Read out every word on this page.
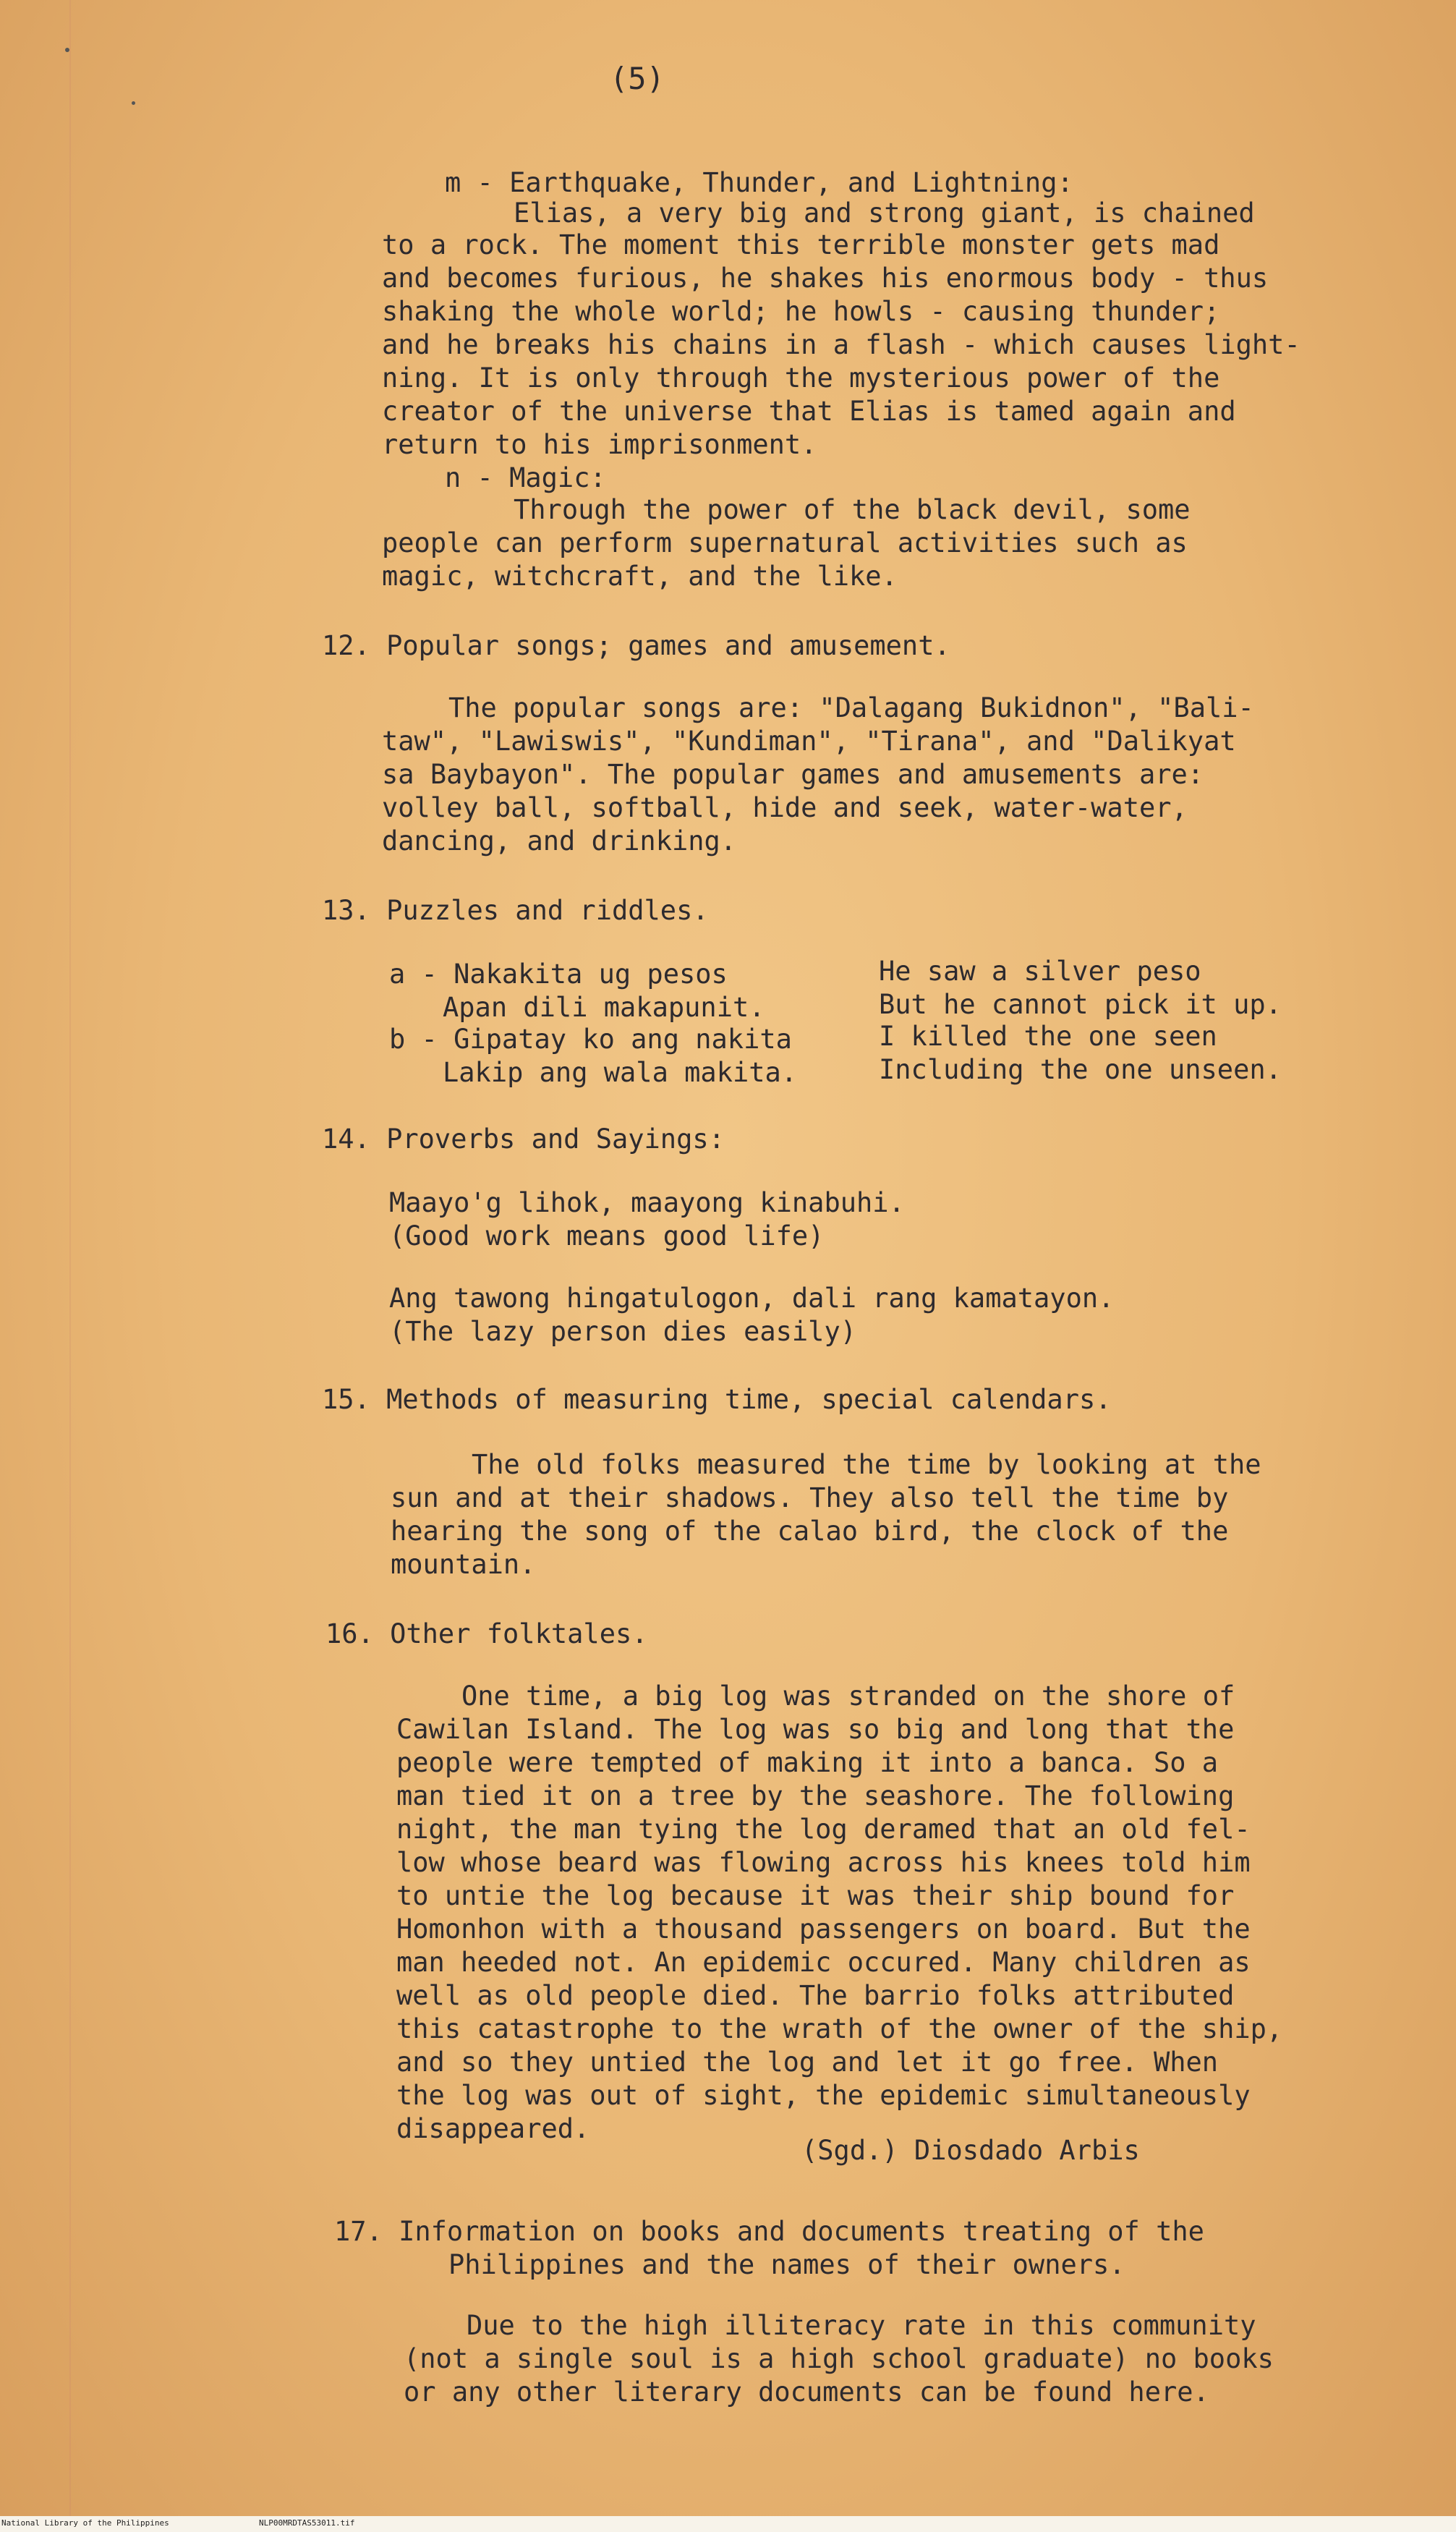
(5)
m - Earthquake, Thunder, and Lightning:
Elias, a very big and strong giant, is chained
to a rock. The moment this terrible monster gets mad
and becomes furious, he shakes his enormous body - thus
shaking the whole world; he howls - causing thunder;
and he breaks his chains in a flash - which causes light-
ning. It is only through the mysterious power of the
creator of the universe that Elias is tamed again and
return to his imprisonment.
n - Magic:
Through the power of the black devil, some
people can perform supernatural activities such as
magic, witchcraft, and the like.
12. Popular songs; games and amusement.
The popular songs are: "Dalagang Bukidnon", "Bali-
taw", "Lawiswis", "Kundiman", "Tirana", and "Dalikyat
sa Baybayon". The popular games and amusements are:
volley ball, softball, hide and seek, water-water,
dancing, and drinking.
13. Puzzles and riddles.
a - Nakakita ug pesos
Apan dili makapunit.
b - Gipatay ko ang nakita
Lakip ang wala makita.
He saw a silver peso
But he cannot pick it up.
I killed the one seen
Including the one unseen.
14. Proverbs and Sayings:
Maayo'g lihok, maayong kinabuhi.
(Good work means good life)
Ang tawong hingatulogon, dali rang kamatayon.
(The lazy person dies easily)
15. Methods of measuring time, special calendars.
The old folks measured the time by looking at the
sun and at their shadows. They also tell the time by
hearing the song of the calao bird, the clock of the
mountain.
16. Other folktales.
One time, a big log was stranded on the shore of
Cawilan Island. The log was so big and long that the
people were tempted of making it into a banca. So a
man tied it on a tree by the seashore. The following
night, the man tying the log deramed that an old fel-
low whose beard was flowing across his knees told him
to untie the log because it was their ship bound for
Homonhon with a thousand passengers on board. But the
man heeded not. An epidemic occured. Many children as
well as old people died. The barrio folks attributed
this catastrophe to the wrath of the owner of the ship,
and so they untied the log and let it go free. When
the log was out of sight, the epidemic simultaneously
disappeared.
(Sgd.) Diosdado Arbis
17. Information on books and documents treating of the
Philippines and the names of their owners.
Due to the high illiteracy rate in this community
(not a single soul is a high school graduate) no books
or any other literary documents can be found here.
National Library of the Philippines	NLP00MRDTAS53011.tif
